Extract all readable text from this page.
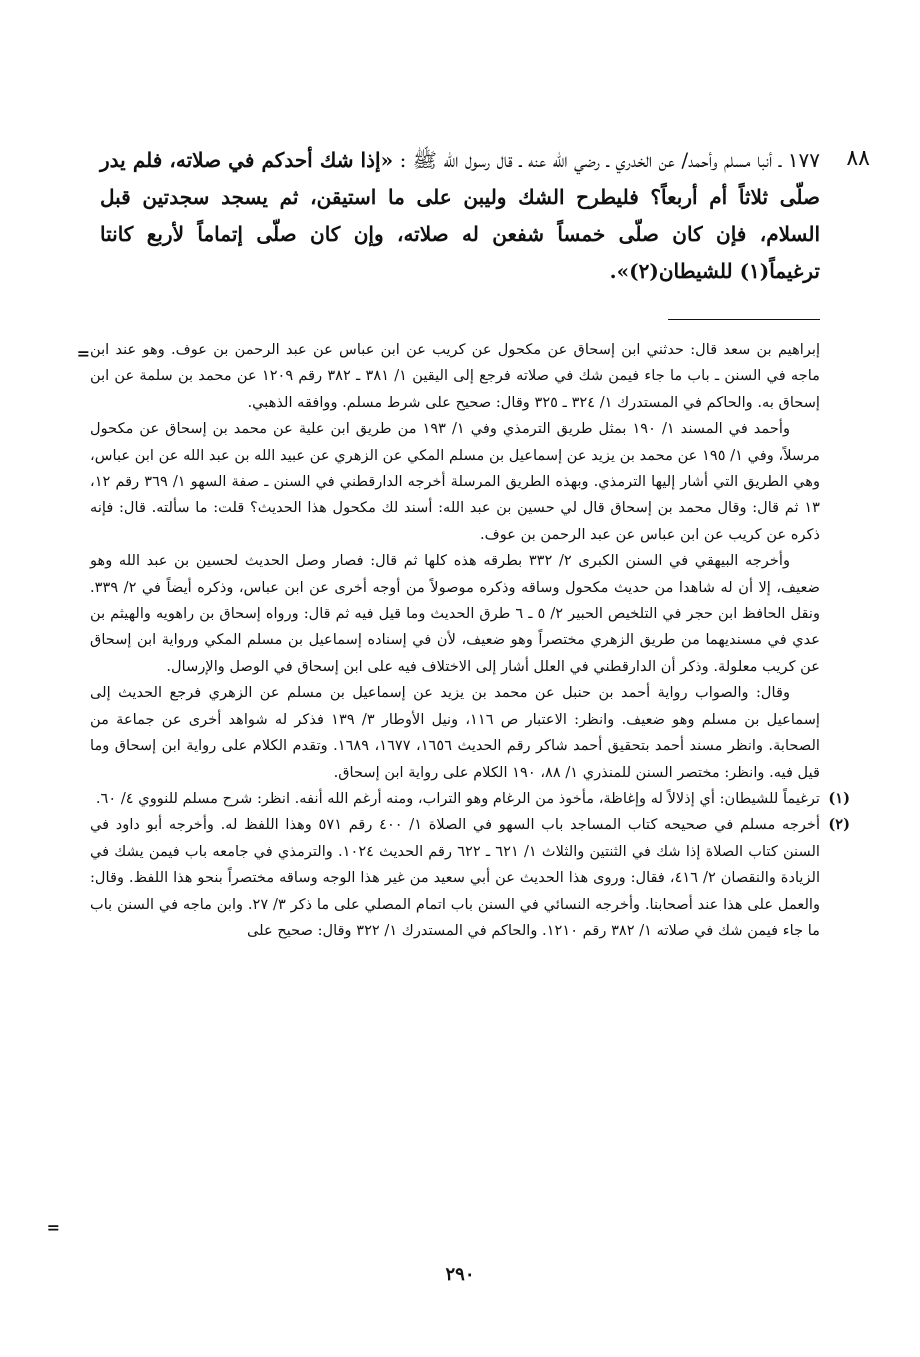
٨٨
١٧٧ ـ أنبا مسلم وأحمد/ عن الخدري ـ رضي الله عنه ـ قال رسول الله ﷺ : «إذا شك أحدكم في صلاته، فلم يدر صلّى ثلاثاً أم أربعاً؟ فليطرح الشك وليبن على ما استيقن، ثم يسجد سجدتين قبل السلام، فإن كان صلّى خمساً شفعن له صلاته، وإن كان صلّى إتماماً لأربع كانتا ترغيماً(١) للشيطان(٢)».
= إبراهيم بن سعد قال: حدثني ابن إسحاق عن مكحول عن كريب عن ابن عباس عن عبد الرحمن بن عوف. وهو عند ابن ماجه في السنن ـ باب ما جاء فيمن شك في صلاته فرجع إلى اليقين ١/ ٣٨١ ـ ٣٨٢ رقم ١٢٠٩ عن محمد بن سلمة عن ابن إسحاق به. والحاكم في المستدرك ١/ ٣٢٤ ـ ٣٢٥ وقال: صحيح على شرط مسلم. ووافقه الذهبي.

وأحمد في المسند ١/ ١٩٠ بمثل طريق الترمذي وفي ١/ ١٩٣ من طريق ابن علية عن محمد بن إسحاق عن مكحول مرسلاً، وفي ١/ ١٩٥ عن محمد بن يزيد عن إسماعيل بن مسلم المكي عن الزهري عن عبيد الله بن عبد الله عن ابن عباس، وهي الطريق التي أشار إليها الترمذي. وبهذه الطريق المرسلة أخرجه الدارقطني في السنن ـ صفة السهو ١/ ٣٦٩ رقم ١٢، ١٣ ثم قال: وقال محمد بن إسحاق قال لي حسين بن عبد الله: أسند لك مكحول هذا الحديث؟ قلت: ما سألته. قال: فإنه ذكره عن كريب عن ابن عباس عن عبد الرحمن بن عوف.

وأخرجه البيهقي في السنن الكبرى ٢/ ٣٣٢ بطرقه هذه كلها ثم قال: فصار وصل الحديث لحسين بن عبد الله وهو ضعيف، إلا أن له شاهدا من حديث مكحول وساقه وذكره موصولاً من أوجه أخرى عن ابن عباس، وذكره أيضاً في ٢/ ٣٣٩. ونقل الحافظ ابن حجر في التلخيص الحبير ٢/ ٥ ـ ٦ طرق الحديث وما قيل فيه ثم قال: ورواه إسحاق بن راهويه والهيثم بن عدي في مسنديهما من طريق الزهري مختصراً وهو ضعيف، لأن في إسناده إسماعيل بن مسلم المكي ورواية ابن إسحاق عن كريب معلولة. وذكر أن الدارقطني في العلل أشار إلى الاختلاف فيه على ابن إسحاق في الوصل والإرسال.

وقال: والصواب رواية أحمد بن حنبل عن محمد بن يزيد عن إسماعيل بن مسلم عن الزهري فرجع الحديث إلى إسماعيل بن مسلم وهو ضعيف. وانظر: الاعتبار ص ١١٦، ونيل الأوطار ٣/ ١٣٩ فذكر له شواهد أخرى عن جماعة من الصحابة. وانظر مسند أحمد بتحقيق أحمد شاكر رقم الحديث ١٦٥٦، ١٦٧٧، ١٦٨٩. وتقدم الكلام على رواية ابن إسحاق وما قيل فيه. وانظر: مختصر السنن للمنذري ١/ ٨٨، ١٩٠ الكلام على رواية ابن إسحاق.

(١)
ترغيماً للشيطان: أي إذلالاً له وإغاظة، مأخوذ من الرغام وهو التراب، ومنه أرغم الله أنفه. انظر: شرح مسلم للنووي ٤/ ٦٠.
(٢)
أخرجه مسلم في صحيحه كتاب المساجد باب السهو في الصلاة ١/ ٤٠٠ رقم ٥٧١ وهذا اللفظ له. وأخرجه أبو داود في السنن كتاب الصلاة إذا شك في الثنتين والثلاث ١/ ٦٢١ ـ ٦٢٢ رقم الحديث ١٠٢٤. والترمذي في جامعه باب فيمن يشك في الزيادة والنقصان ٢/ ٤١٦، فقال: وروى هذا الحديث عن أبي سعيد من غير هذا الوجه وساقه مختصراً بنحو هذا اللفظ. وقال: والعمل على هذا عند أصحابنا. وأخرجه النسائي في السنن باب اتمام المصلي على ما ذكر ٣/ ٢٧. وابن ماجه في السنن باب ما جاء فيمن شك في صلاته ١/ ٣٨٢ رقم ١٢١٠. والحاكم في المستدرك ١/ ٣٢٢ وقال: صحيح على
=
٢٩٠
